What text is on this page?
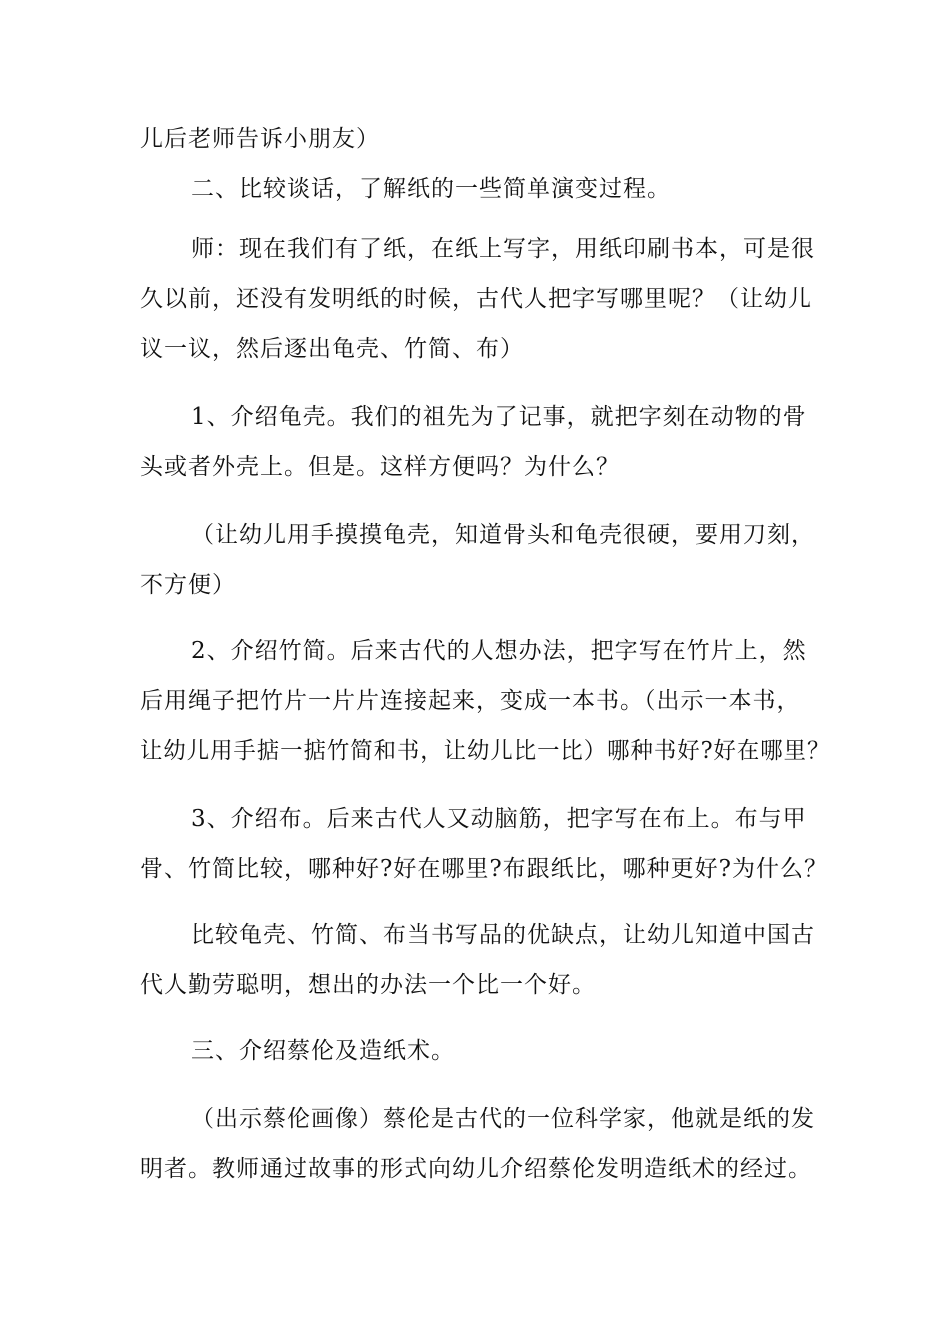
儿后老师告诉小朋友）
二、比较谈话，了解纸的一些简单演变过程。
师：现在我们有了纸，在纸上写字，用纸印刷书本，可是很
久以前，还没有发明纸的时候，古代人把字写哪里呢？（让幼儿
议一议，然后逐出龟壳、竹简、布）
1、介绍龟壳。我们的祖先为了记事，就把字刻在动物的骨
头或者外壳上。但是。这样方便吗？为什么？
（让幼儿用手摸摸龟壳，知道骨头和龟壳很硬，要用刀刻，
不方便）
2、介绍竹简。后来古代的人想办法，把字写在竹片上，然
后用绳子把竹片一片片连接起来，变成一本书。（出示一本书，
让幼儿用手掂一掂竹简和书，让幼儿比一比）哪种书好?好在哪里？
3、介绍布。后来古代人又动脑筋，把字写在布上。布与甲
骨、竹简比较，哪种好?好在哪里?布跟纸比，哪种更好?为什么？
比较龟壳、竹简、布当书写品的优缺点，让幼儿知道中国古
代人勤劳聪明，想出的办法一个比一个好。
三、介绍蔡伦及造纸术。
（出示蔡伦画像）蔡伦是古代的一位科学家，他就是纸的发
明者。教师通过故事的形式向幼儿介绍蔡伦发明造纸术的经过。
